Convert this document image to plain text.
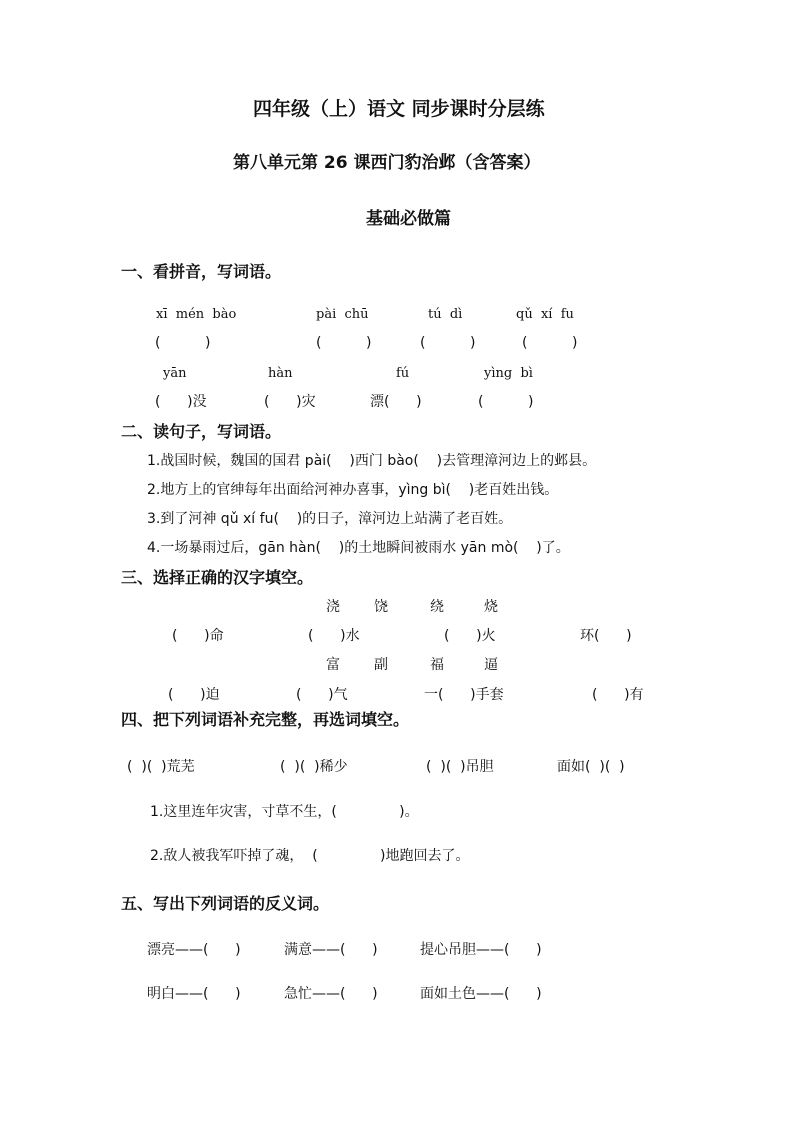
四年级（上）语文 同步课时分层练
第八单元第 26 课西门豹治邺（含答案）
基础必做篇
一、看拼音，写词语。
xī  mén  bào	pài  chū	tú  dì	qǔ  xí  fu
(          )	(          )	(          )	(          )
yān	hàn	fú	yìng  bì
(      )没	(      )灾	漂(      )	(          )
二、读句子，写词语。
1.战国时候，魏国的国君 pài(    )西门 bào(    )去管理漳河边上的邺县。
2.地方上的官绅每年出面给河神办喜事，yìng bì(    )老百姓出钱。
3.到了河神 qǔ xí fu(    )的日子，漳河边上站满了老百姓。
4.一场暴雨过后，gān hàn(    )的土地瞬间被雨水 yān mò(    )了。
三、选择正确的汉字填空。
浇 饶	绕	烧
(      )命	(      )水	(      )火	环(      )
富 副	福	逼
(      )迫	(      )气	一(      )手套	(      )有
四、把下列词语补充完整，再选词填空。
(  )(  )荒芜	(  )(  )稀少	(  )(  )吊胆	面如(  )(  )
1.这里连年灾害，寸草不生，(              )。
2.敌人被我军吓掉了魂，  (              )地跑回去了。
五、写出下列词语的反义词。
漂亮——(      )	满意——(      )	提心吊胆——(      )
明白——(      )	急忙——(      )	面如土色——(      )
